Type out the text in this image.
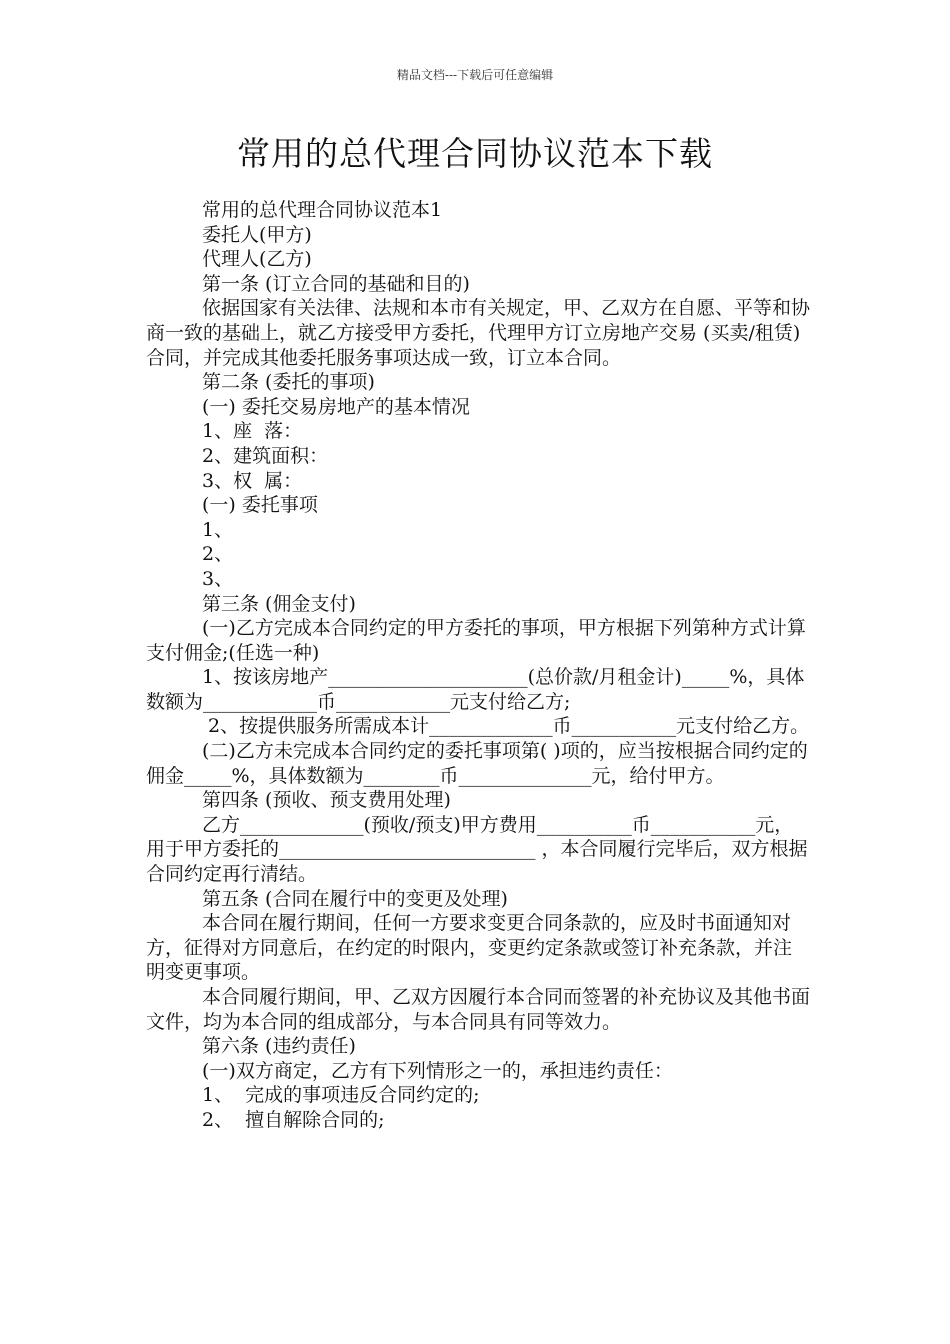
精品文档---下载后可任意编辑
常用的总代理合同协议范本下载

常用的总代理合同协议范本1

委托人(甲方)

代理人(乙方)

第一条 (订立合同的基础和目的)

依据国家有关法律、法规和本市有关规定，甲、乙双方在自愿、平等和协商一致的基础上，就乙方接受甲方委托，代理甲方订立房地产交易 (买卖/租赁)合同，并完成其他委托服务事项达成一致，订立本合同。

第二条 (委托的事项)

(一) 委托交易房地产的基本情况

1、座  落：

2、建筑面积：

3、权  属：

(一) 委托事项

1、

2、

3、

第三条 (佣金支付)

(一)乙方完成本合同约定的甲方委托的事项，甲方根据下列第种方式计算支付佣金;(任选一种)

1、按该房地产_____________________(总价款/月租金计)_____%，具体数额为____________币____________元支付给乙方;

2、按提供服务所需成本计_____________币___________元支付给乙方。

(二)乙方未完成本合同约定的委托事项第( )项的，应当按根据合同约定的佣金_____%，具体数额为________币______________元，给付甲方。

第四条 (预收、预支费用处理)

乙方_____________(预收/预支)甲方费用__________币___________元，用于甲方委托的___________________________ ，本合同履行完毕后，双方根据合同约定再行清结。

第五条 (合同在履行中的变更及处理)

本合同在履行期间，任何一方要求变更合同条款的，应及时书面通知对方，征得对方同意后，在约定的时限内，变更约定条款或签订补充条款，并注明变更事项。

本合同履行期间，甲、乙双方因履行本合同而签署的补充协议及其他书面文件，均为本合同的组成部分，与本合同具有同等效力。

第六条 (违约责任)

(一)双方商定，乙方有下列情形之一的，承担违约责任：

1、  完成的事项违反合同约定的;

2、  擅自解除合同的;
